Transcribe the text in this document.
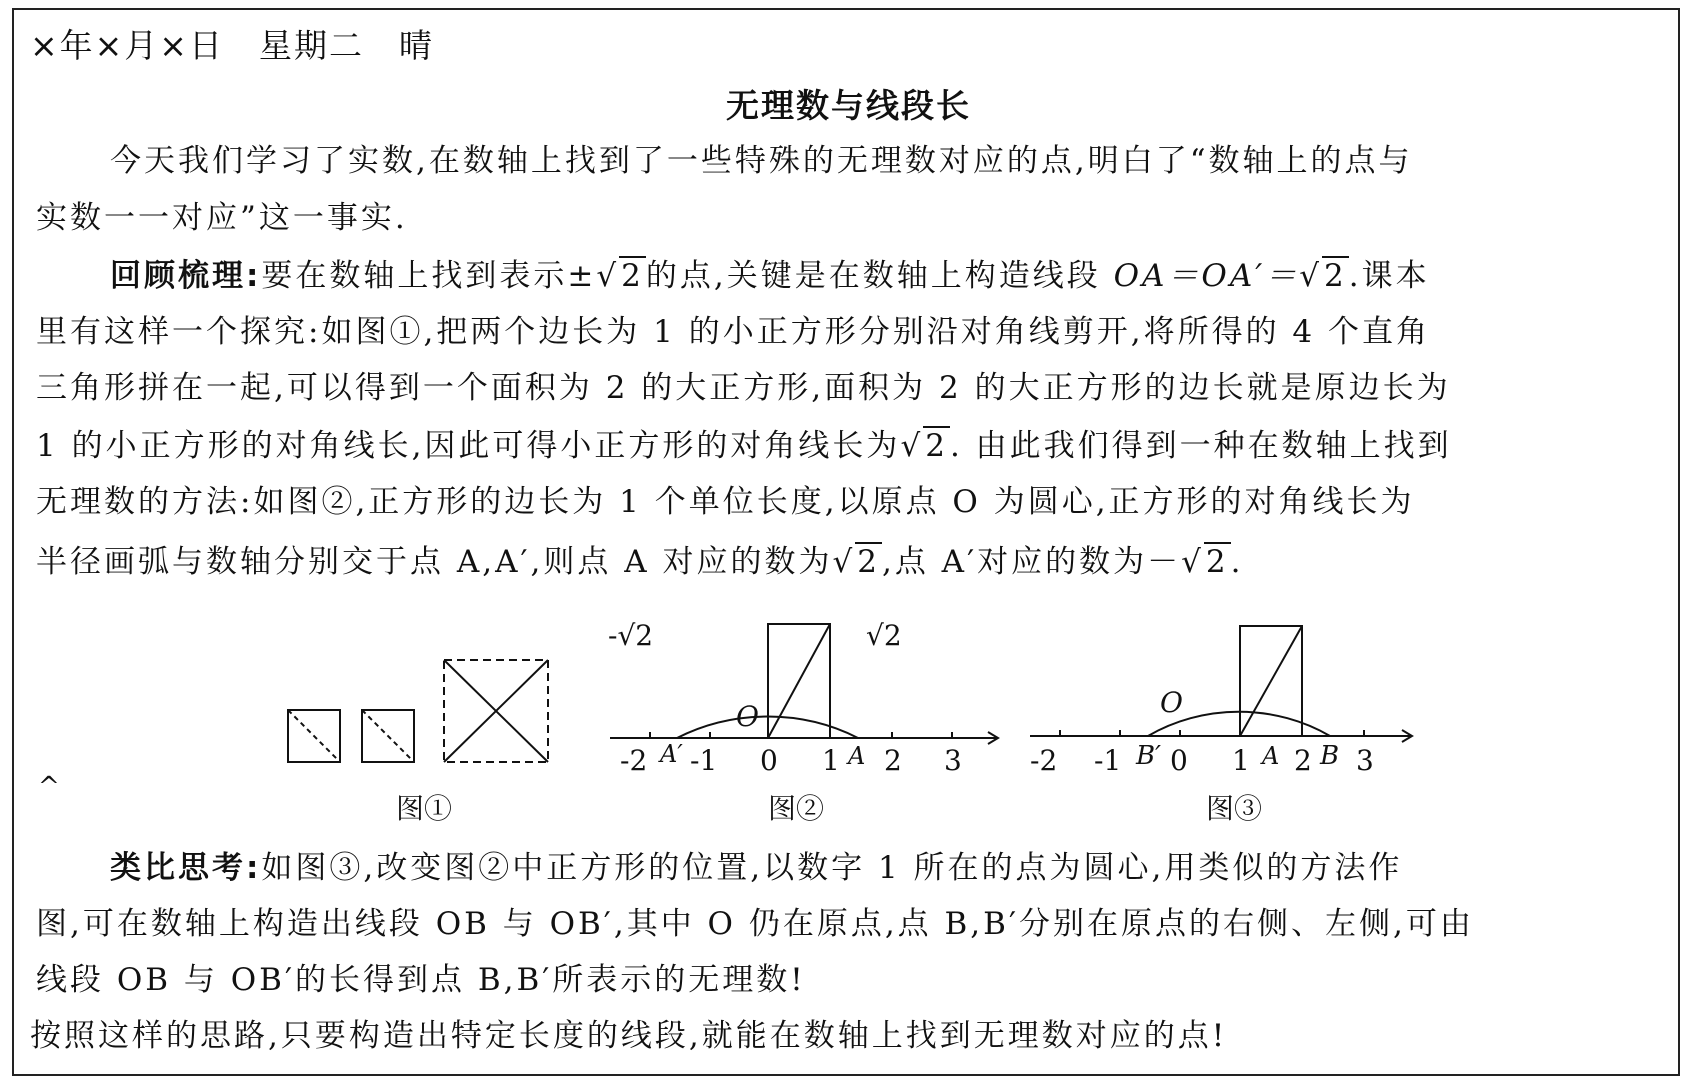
×年×月×日　星期二　晴
无理数与线段长
今天我们学习了实数,在数轴上找到了一些特殊的无理数对应的点,明白了“数轴上的点与
实数一一对应”这一事实.
回顾梳理:要在数轴上找到表示±√2的点,关键是在数轴上构造线段 OA＝OA′＝√2.课本
里有这样一个探究:如图①,把两个边长为 1 的小正方形分别沿对角线剪开,将所得的 4 个直角
三角形拼在一起,可以得到一个面积为 2 的大正方形,面积为 2 的大正方形的边长就是原边长为
1 的小正方形的对角线长,因此可得小正方形的对角线长为√2. 由此我们得到一种在数轴上找到
无理数的方法:如图②,正方形的边长为 1 个单位长度,以原点 O 为圆心,正方形的对角线长为
半径画弧与数轴分别交于点 A,A′,则点 A 对应的数为√2,点 A′对应的数为－√2.
^
-√2	√2
O
-2 A′ -1 0 1 A 2 3
O
-2 -1 B′ 0 1 A 2 B 3
图①	图②	图③
类比思考:如图③,改变图②中正方形的位置,以数字 1 所在的点为圆心,用类似的方法作
图,可在数轴上构造出线段 OB 与 OB′,其中 O 仍在原点,点 B,B′分别在原点的右侧、左侧,可由
线段 OB 与 OB′的长得到点 B,B′所表示的无理数!
按照这样的思路,只要构造出特定长度的线段,就能在数轴上找到无理数对应的点!
